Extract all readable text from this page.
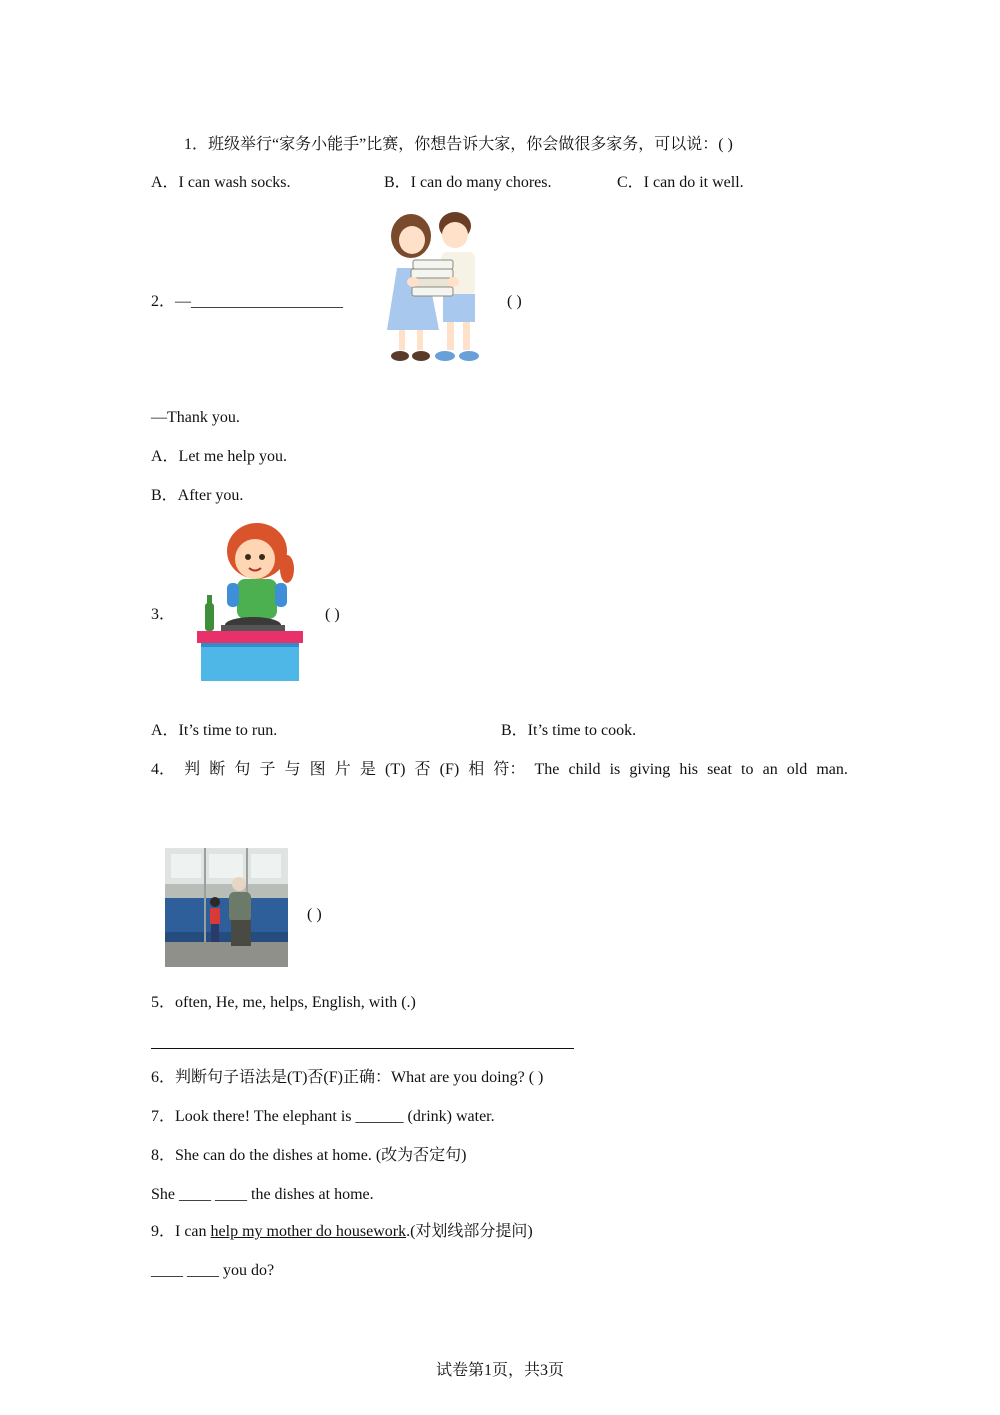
1．班级举行“家务小能手”比赛，你想告诉大家，你会做很多家务，可以说：( )
A．I can wash socks.	B．I can do many chores.	C．I can do it well.
2．—___________________	( )
—Thank you.
A．Let me help you.
B．After you.
3．	( )
A．It’s time to run.	B．It’s time to cook.
4． 判 断 句 子 与 图 片 是 (T) 否 (F) 相 符： The child is giving his seat to an old man.
( )
5．often, He, me, helps, English, with (.)
6．判断句子语法是(T)否(F)正确：What are you doing? ( )
7．Look there! The elephant is ______ (drink) water.
8．She can do the dishes at home. (改为否定句)
She ____ ____ the dishes at home.
9．I can help my mother do housework.(对划线部分提问)
____ ____ you do?
试卷第1页，共3页
